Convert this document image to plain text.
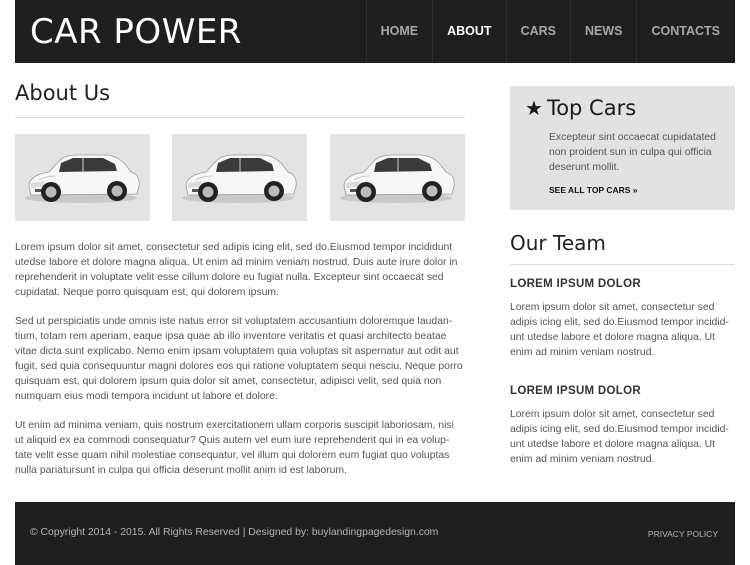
CAR POWER	HOME	ABOUT	CARS	NEWS	CONTACTS
About Us

Lorem ipsum dolor sit amet, consectetur sed adipis icing elit, sed do.Eiusmod tempor incididunt utedse labore et dolore magna aliqua. Ut enim ad minim veniam nostrud. Duis aute irure dolor in reprehenderit in voluptate velit esse cillum dolore eu fugiat nulla. Excepteur sint occaecat sed cupidatat. Neque porro quisquam est, qui dolorem ipsum.

Sed ut perspiciatis unde omnis iste natus error sit voluptatem accusantium doloremque laudan-tium, totam rem aperiam, eaque ipsa quae ab illo inventore veritatis et quasi architecto beatae vitae dicta sunt explicabo. Nemo enim ipsam voluptatem quia voluptas sit aspernatur aut odit aut fugit, sed quia consequuntur magni dolores eos qui ratione voluptatem sequi nesciu. Neque porro quisquam est, qui dolorem ipsum quia dolor sit amet, consectetur, adipisci velit, sed quia non numquam eius modi tempora incidunt ut labore et dolore.

Ut enim ad minima veniam, quis nostrum exercitationem ullam corporis suscipit laboriosam, nisi ut aliquid ex ea commodi consequatur? Quis autem vel eum iure reprehenderit qui in ea volup-tate velit esse quam nihil molestiae consequatur, vel illum qui dolorem eum fugiat quo voluptas nulla pariatursunt in culpa qui officia deserunt mollit anim id est laborum.

★ Top Cars

Excepteur sint occaecat cupidatated non proident sun in culpa qui officia deserunt mollit.

SEE ALL TOP CARS »
Our Team

LOREM IPSUM DOLOR

Lorem ipsum dolor sit amet, consectetur sed adipis icing elit, sed do.Eiusmod tempor incidid-unt utedse labore et dolore magna aliqua. Ut enim ad minim veniam nostrud.

LOREM IPSUM DOLOR

Lorem ipsum dolor sit amet, consectetur sed adipis icing elit, sed do.Eiusmod tempor incidid-unt utedse labore et dolore magna aliqua. Ut enim ad minim veniam nostrud.

© Copyright 2014 - 2015. All Rights Reserved | Designed by: buylandingpagedesign.com	PRIVACY POLICY
